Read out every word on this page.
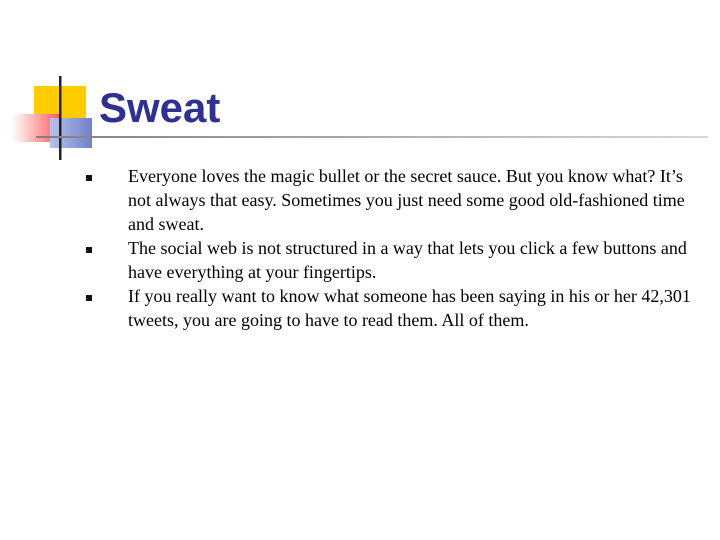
Sweat
Everyone loves the magic bullet or the secret sauce. But you know what? It’s not always that easy. Sometimes you just need some good old-fashioned time and sweat.
The social web is not structured in a way that lets you click a few buttons and have everything at your fingertips.
If you really want to know what someone has been saying in his or her 42,301 tweets, you are going to have to read them. All of them.
